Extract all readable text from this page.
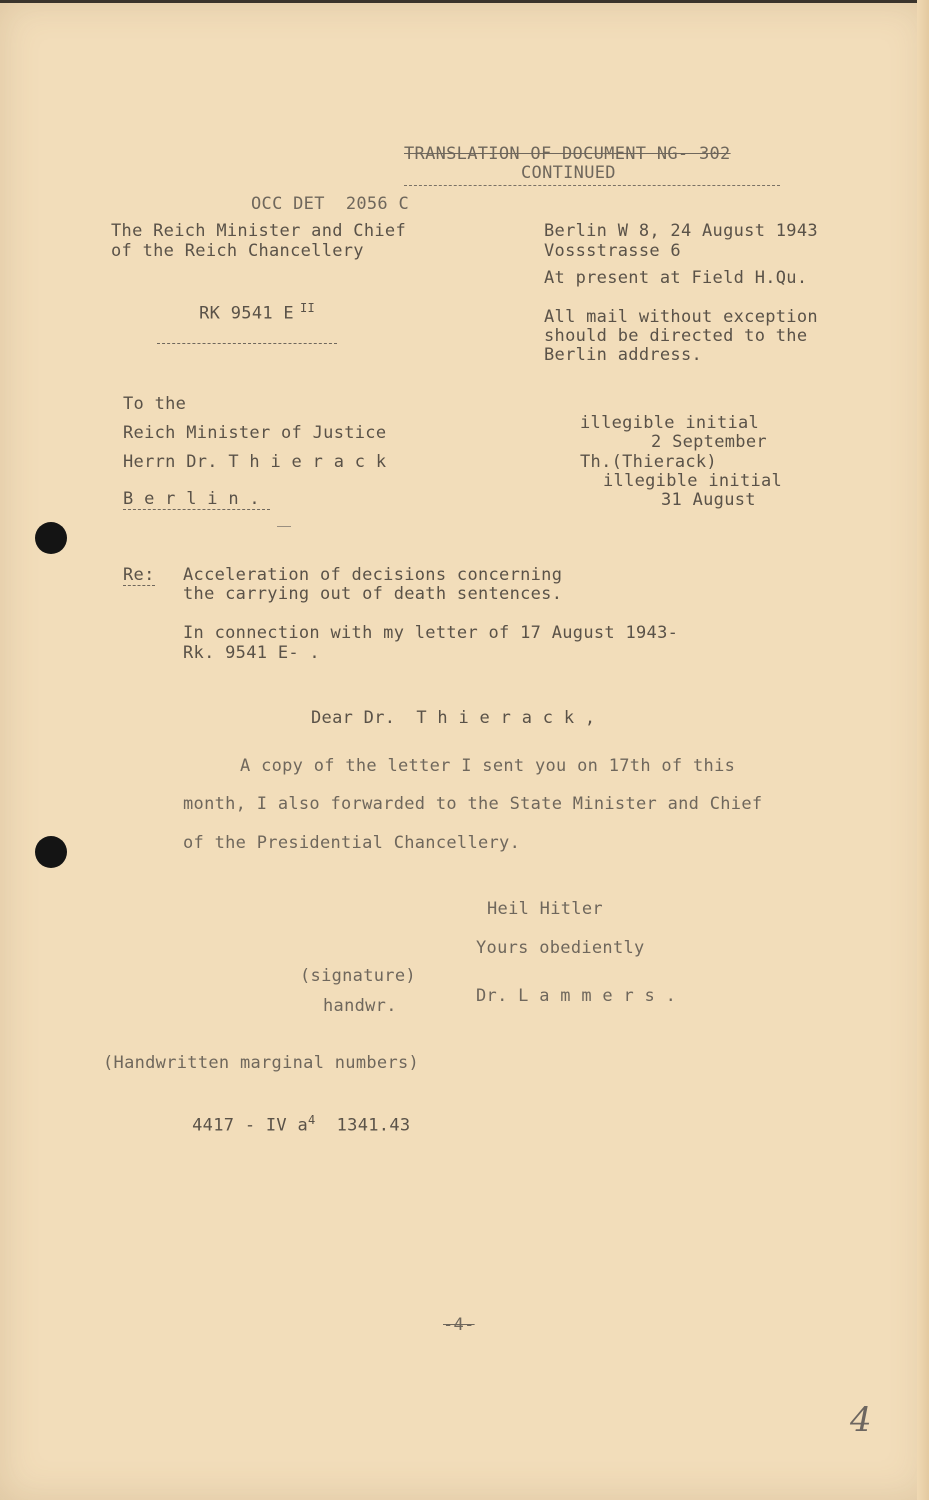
TRANSLATION OF DOCUMENT NG- 302
CONTINUED
OCC DET  2056 C
The Reich Minister and Chief
of the Reich Chancellery

RK 9541 E $^{II}$

Berlin W 8, 24 August 1943
Vossstrasse 6
At present at Field H.Qu.
All mail without exception
should be directed to the
Berlin address.
To the
Reich Minister of Justice
Herrn Dr. T h i e r a c k
B e r l i n .
illegible initial
2 September
Th.(Thierack)
illegible initial
31 August
Re: Acceleration of decisions concerning
the carrying out of death sentences.
In connection with my letter of 17 August 1943-
Rk. 9541 E- .
Dear Dr.  T h i e r a c k ,
A copy of the letter I sent you on 17th of this
month, I also forwarded to the State Minister and Chief
of the Presidential Chancellery.
Heil Hitler
Yours obediently
(signature)
handwr.	Dr. L a m m e r s .
(Handwritten marginal numbers)

4417 - IV $a^4$ 1341.43

-4-
4
